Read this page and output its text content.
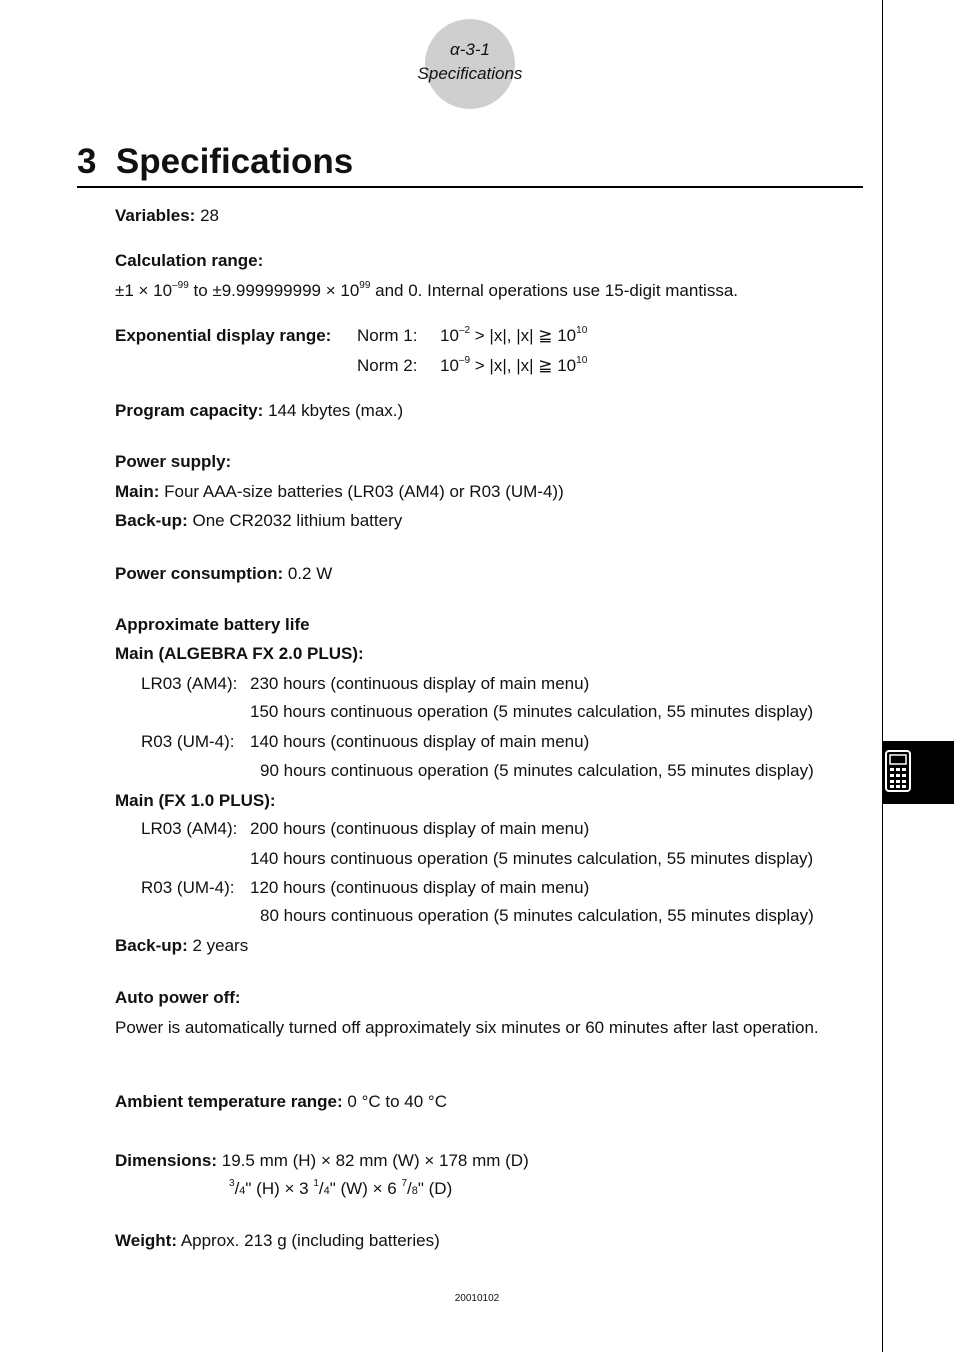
α-3-1
Specifications
3 Specifications
Variables: 28
Calculation range:
$\pm 1 \times 10^{-99}$ to $\pm 9.999999999 \times 10^{99}$ and 0. Internal operations use 15-digit mantissa.
Exponential display range: Norm 1: $10^{-2} > |x|$, |x| ≧ $10^{10}$
Norm 2: $10^{-9} > |x|$, |x| ≧ $10^{10}$
Program capacity: 144 kbytes (max.)
Power supply:
Main: Four AAA-size batteries (LR03 (AM4) or R03 (UM-4))
Back-up: One CR2032 lithium battery
Power consumption: 0.2 W
Approximate battery life
Main (ALGEBRA FX 2.0 PLUS):
LR03 (AM4): 230 hours (continuous display of main menu)
150 hours continuous operation (5 minutes calculation, 55 minutes display)
R03 (UM-4): 140 hours (continuous display of main menu)
90 hours continuous operation (5 minutes calculation, 55 minutes display)
Main (FX 1.0 PLUS):
LR03 (AM4): 200 hours (continuous display of main menu)
140 hours continuous operation (5 minutes calculation, 55 minutes display)
R03 (UM-4): 120 hours (continuous display of main menu)
80 hours continuous operation (5 minutes calculation, 55 minutes display)
Back-up: 2 years
Auto power off:
Power is automatically turned off approximately six minutes or 60 minutes after last operation.
Ambient temperature range: 0 °C to 40 °C
Dimensions: 19.5 mm (H) × 82 mm (W) × 178 mm (D)
$^3$/4" (H) × 3 $^1$/4" (W) × 6 $^7$/8" (D)
Weight: Approx. 213 g (including batteries)
20010102
